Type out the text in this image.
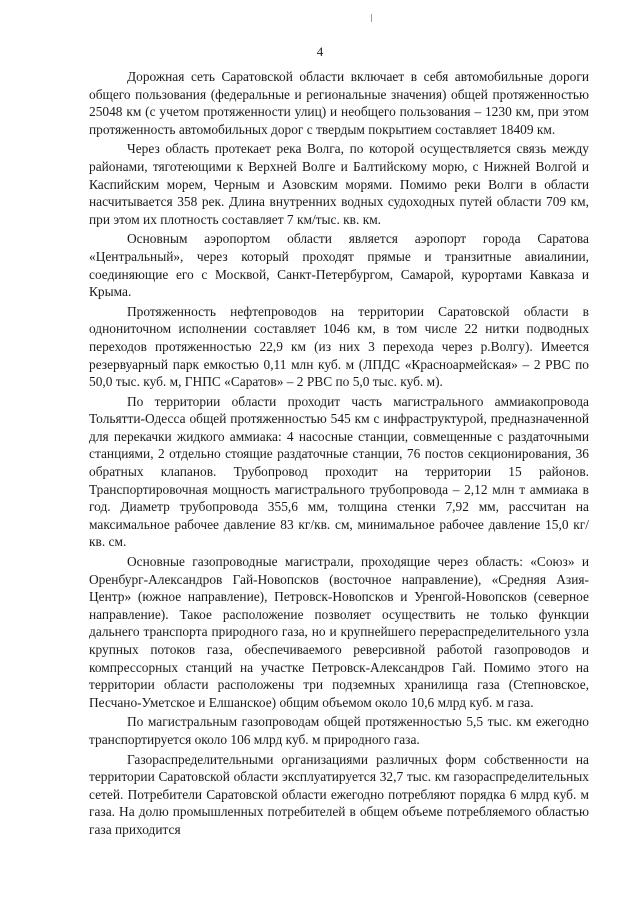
4

Дорожная сеть Саратовской области включает в себя автомобильные дороги общего пользования (федеральные и региональные значения) общей протяженностью 25048 км (с учетом протяженности улиц) и необщего пользования – 1230 км, при этом протяженность автомобильных дорог с твердым покрытием составляет 18409 км.

Через область протекает река Волга, по которой осуществляется связь между районами, тяготеющими к Верхней Волге и Балтийскому морю, с Нижней Волгой и Каспийским морем, Черным и Азовским морями. Помимо реки Волги в области насчитывается 358 рек. Длина внутренних водных судоходных путей области 709 км, при этом их плотность составляет 7 км/тыс. кв. км.

Основным аэропортом области является аэропорт города Саратова «Центральный», через который проходят прямые и транзитные авиалинии, соединяющие его с Москвой, Санкт-Петербургом, Самарой, курортами Кавказа и Крыма.

Протяженность нефтепроводов на территории Саратовской области в однониточном исполнении составляет 1046 км, в том числе 22 нитки подводных переходов протяженностью 22,9 км (из них 3 перехода через р.Волгу). Имеется резервуарный парк емкостью 0,11 млн куб. м (ЛПДС «Красноармейская» – 2 РВС по 50,0 тыс. куб. м, ГНПС «Саратов» – 2 РВС по 5,0 тыс. куб. м).

По территории области проходит часть магистрального аммиакопровода Тольятти-Одесса общей протяженностью 545 км с инфраструктурой, предназначенной для перекачки жидкого аммиака: 4 насосные станции, совмещенные с раздаточными станциями, 2 отдельно стоящие раздаточные станции, 76 постов секционирования, 36 обратных клапанов. Трубопровод проходит на территории 15 районов. Транспортировочная мощность магистрального трубопровода – 2,12 млн т аммиака в год. Диаметр трубопровода 355,6 мм, толщина стенки 7,92 мм, рассчитан на максимальное рабочее давление 83 кг/кв. см, минимальное рабочее давление 15,0 кг/кв. см.

Основные газопроводные магистрали, проходящие через область: «Союз» и Оренбург-Александров Гай-Новопсков (восточное направление), «Средняя Азия-Центр» (южное направление), Петровск-Новопсков и Уренгой-Новопсков (северное направление). Такое расположение позволяет осуществить не только функции дальнего транспорта природного газа, но и крупнейшего перераспределительного узла крупных потоков газа, обеспечиваемого реверсивной работой газопроводов и компрессорных станций на участке Петровск-Александров Гай. Помимо этого на территории области расположены три подземных хранилища газа (Степновское, Песчано-Уметское и Елшанское) общим объемом около 10,6 млрд куб. м газа.

По магистральным газопроводам общей протяженностью 5,5 тыс. км ежегодно транспортируется около 106 млрд куб. м природного газа.

Газораспределительными организациями различных форм собственности на территории Саратовской области эксплуатируется 32,7 тыс. км газораспределительных сетей. Потребители Саратовской области ежегодно потребляют порядка 6 млрд куб. м газа. На долю промышленных потребителей в общем объеме потребляемого областью газа приходится
